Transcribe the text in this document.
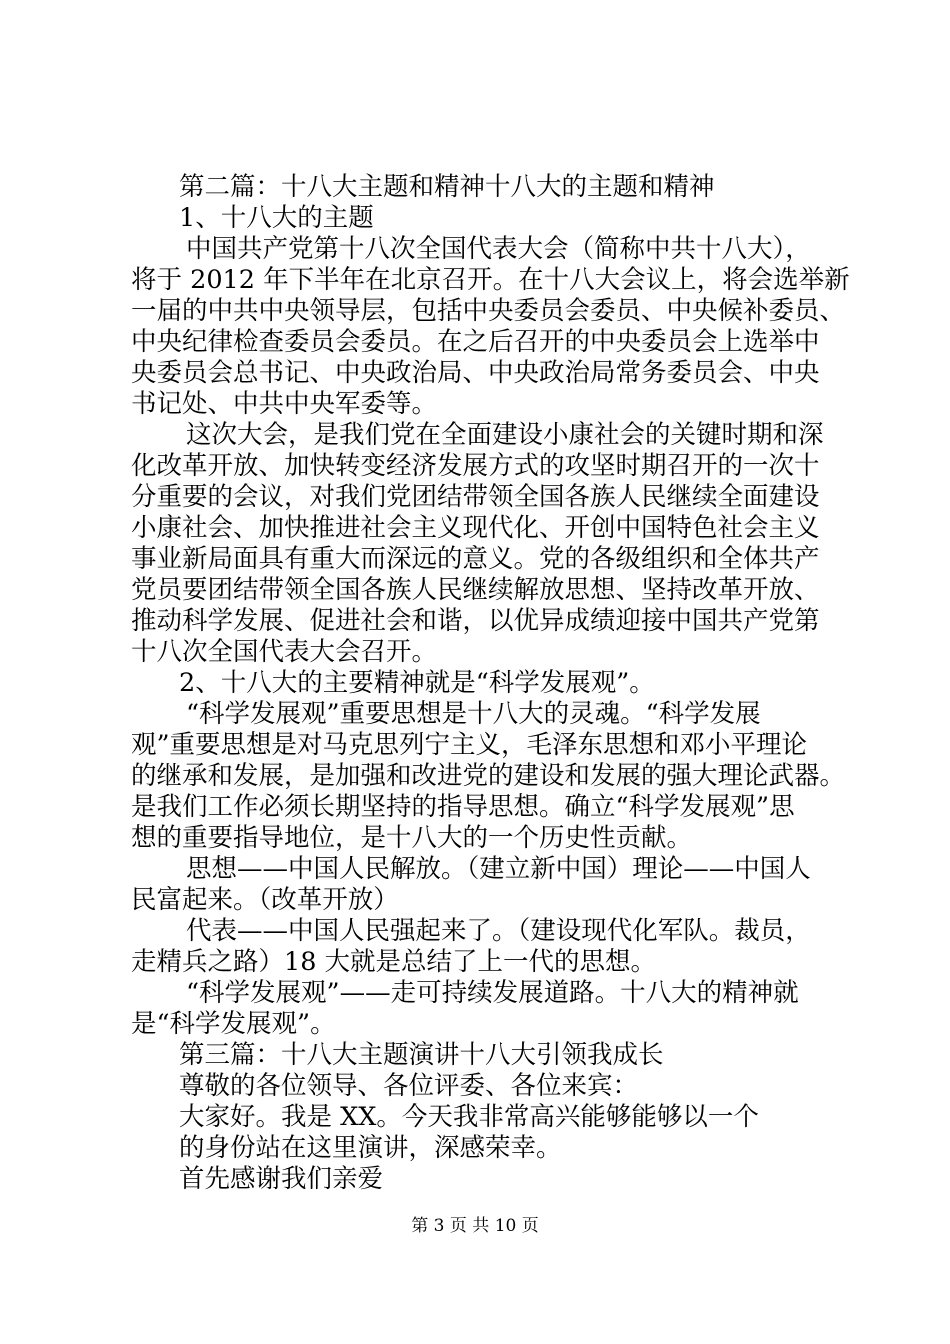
第二篇：十八大主题和精神十八大的主题和精神
1、十八大的主题
中国共产党第十八次全国代表大会（简称中共十八大），
将于 2012 年下半年在北京召开。在十八大会议上，将会选举新
一届的中共中央领导层，包括中央委员会委员、中央候补委员、
中央纪律检查委员会委员。在之后召开的中央委员会上选举中
央委员会总书记、中央政治局、中央政治局常务委员会、中央
书记处、中共中央军委等。
这次大会，是我们党在全面建设小康社会的关键时期和深
化改革开放、加快转变经济发展方式的攻坚时期召开的一次十
分重要的会议，对我们党团结带领全国各族人民继续全面建设
小康社会、加快推进社会主义现代化、开创中国特色社会主义
事业新局面具有重大而深远的意义。党的各级组织和全体共产
党员要团结带领全国各族人民继续解放思想、坚持改革开放、
推动科学发展、促进社会和谐，以优异成绩迎接中国共产党第
十八次全国代表大会召开。
2、十八大的主要精神就是“科学发展观”。
“科学发展观”重要思想是十八大的灵魂。“科学发展
观”重要思想是对马克思列宁主义，毛泽东思想和邓小平理论
的继承和发展，是加强和改进党的建设和发展的强大理论武器。
是我们工作必须长期坚持的指导思想。确立“科学发展观”思
想的重要指导地位，是十八大的一个历史性贡献。
思想——中国人民解放。（建立新中国）理论——中国人
民富起来。（改革开放）
代表——中国人民强起来了。（建设现代化军队。裁员，
走精兵之路）18 大就是总结了上一代的思想。
“科学发展观”——走可持续发展道路。十八大的精神就
是“科学发展观”。
第三篇：十八大主题演讲十八大引领我成长
尊敬的各位领导、各位评委、各位来宾：
大家好。我是 XX。今天我非常高兴能够能够以一个
的身份站在这里演讲，深感荣幸。
首先感谢我们亲爱
第 3 页 共 10 页
